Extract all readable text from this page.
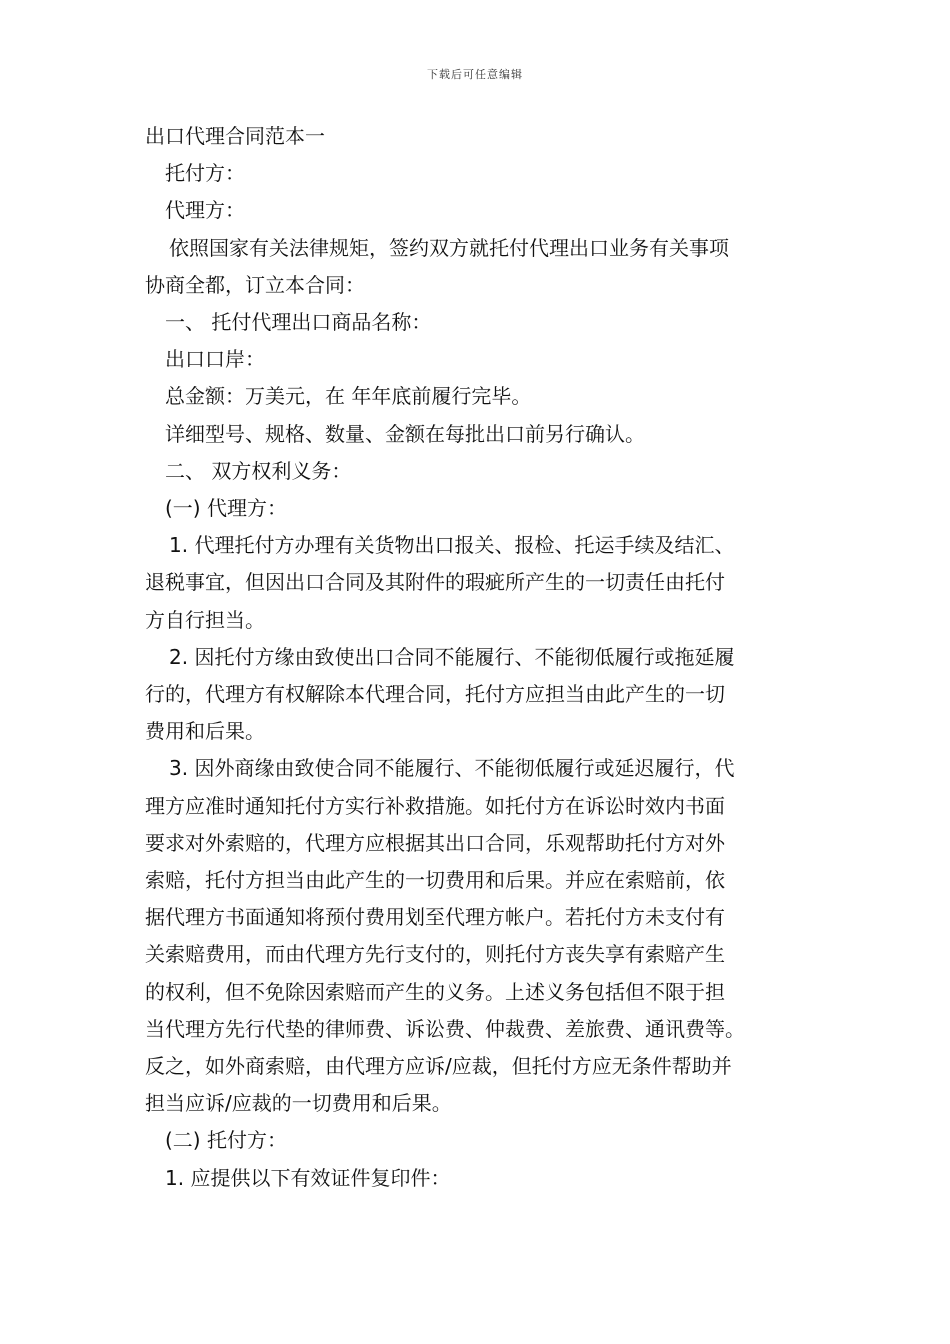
下载后可任意编辑

出口代理合同范本一

托付方：

代理方：

依照国家有关法律规矩，签约双方就托付代理出口业务有关事项

协商全都，订立本合同：

一、 托付代理出口商品名称：

出口口岸：

总金额：万美元，在 年年底前履行完毕。

详细型号、规格、数量、金额在每批出口前另行确认。

二、 双方权利义务：

(一) 代理方：

1. 代理托付方办理有关货物出口报关、报检、托运手续及结汇、

退税事宜，但因出口合同及其附件的瑕疵所产生的一切责任由托付

方自行担当。

2. 因托付方缘由致使出口合同不能履行、不能彻低履行或拖延履

行的，代理方有权解除本代理合同，托付方应担当由此产生的一切

费用和后果。

3. 因外商缘由致使合同不能履行、不能彻低履行或延迟履行，代

理方应准时通知托付方实行补救措施。如托付方在诉讼时效内书面

要求对外索赔的，代理方应根据其出口合同，乐观帮助托付方对外

索赔，托付方担当由此产生的一切费用和后果。并应在索赔前，依

据代理方书面通知将预付费用划至代理方帐户。若托付方未支付有

关索赔费用，而由代理方先行支付的，则托付方丧失享有索赔产生

的权利，但不免除因索赔而产生的义务。上述义务包括但不限于担

当代理方先行代垫的律师费、诉讼费、仲裁费、差旅费、通讯费等。

反之，如外商索赔，由代理方应诉/应裁，但托付方应无条件帮助并

担当应诉/应裁的一切费用和后果。

(二) 托付方：

1. 应提供以下有效证件复印件：
